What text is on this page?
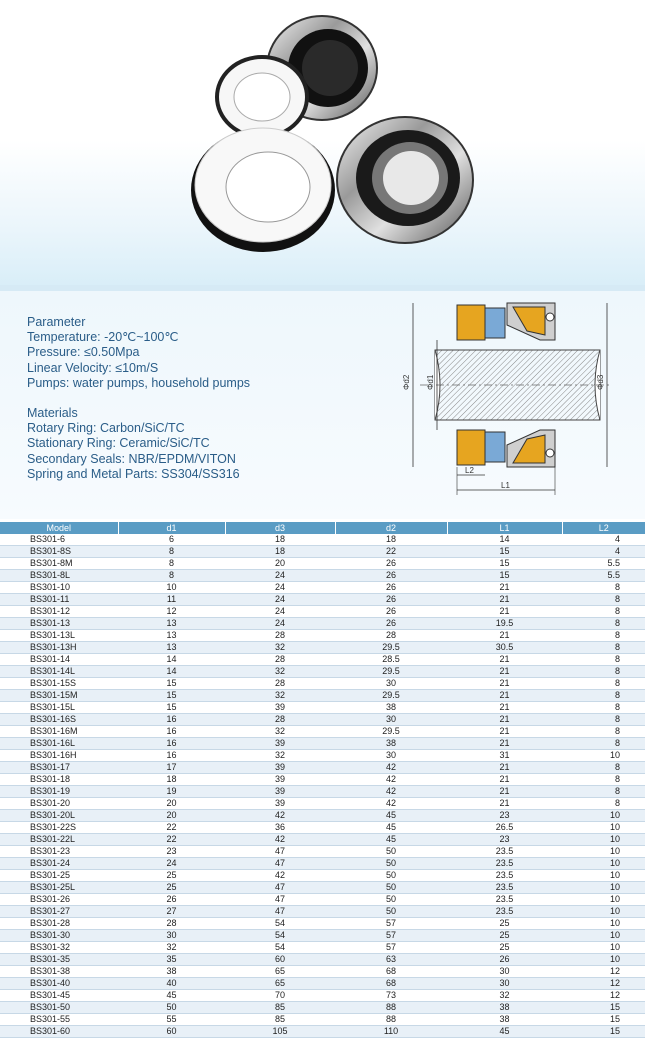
Parameter
Temperature: -20℃~100℃
Pressure: ≤0.50Mpa
Linear Velocity: ≤10m/S
Pumps: water pumps, household pumps
Materials
Rotary Ring: Carbon/SiC/TC
Stationary Ring: Ceramic/SiC/TC
Secondary Seals: NBR/EPDM/VITON
Spring and Metal Parts: SS304/SS316
Φd2 Φd1	Φd3
L2
L1
Model	d1	d3	d2	L1	L2
BS301-6	6	18	18	14	4
BS301-8S	8	18	22	15	4
BS301-8M	8	20	26	15	5.5
BS301-8L	8	24	26	15	5.5
BS301-10	10	24	26	21	8
BS301-11	11	24	26	21	8
BS301-12	12	24	26	21	8
BS301-13	13	24	26	19.5	8
BS301-13L	13	28	28	21	8
BS301-13H	13	32	29.5	30.5	8
BS301-14	14	28	28.5	21	8
BS301-14L	14	32	29.5	21	8
BS301-15S	15	28	30	21	8
BS301-15M	15	32	29.5	21	8
BS301-15L	15	39	38	21	8
BS301-16S	16	28	30	21	8
BS301-16M	16	32	29.5	21	8
BS301-16L	16	39	38	21	8
BS301-16H	16	32	30	31	10
BS301-17	17	39	42	21	8
BS301-18	18	39	42	21	8
BS301-19	19	39	42	21	8
BS301-20	20	39	42	21	8
BS301-20L	20	42	45	23	10
BS301-22S	22	36	45	26.5	10
BS301-22L	22	42	45	23	10
BS301-23	23	47	50	23.5	10
BS301-24	24	47	50	23.5	10
BS301-25	25	42	50	23.5	10
BS301-25L	25	47	50	23.5	10
BS301-26	26	47	50	23.5	10
BS301-27	27	47	50	23.5	10
BS301-28	28	54	57	25	10
BS301-30	30	54	57	25	10
BS301-32	32	54	57	25	10
BS301-35	35	60	63	26	10
BS301-38	38	65	68	30	12
BS301-40	40	65	68	30	12
BS301-45	45	70	73	32	12
BS301-50	50	85	88	38	15
BS301-55	55	85	88	38	15
BS301-60	60	105	110	45	15
